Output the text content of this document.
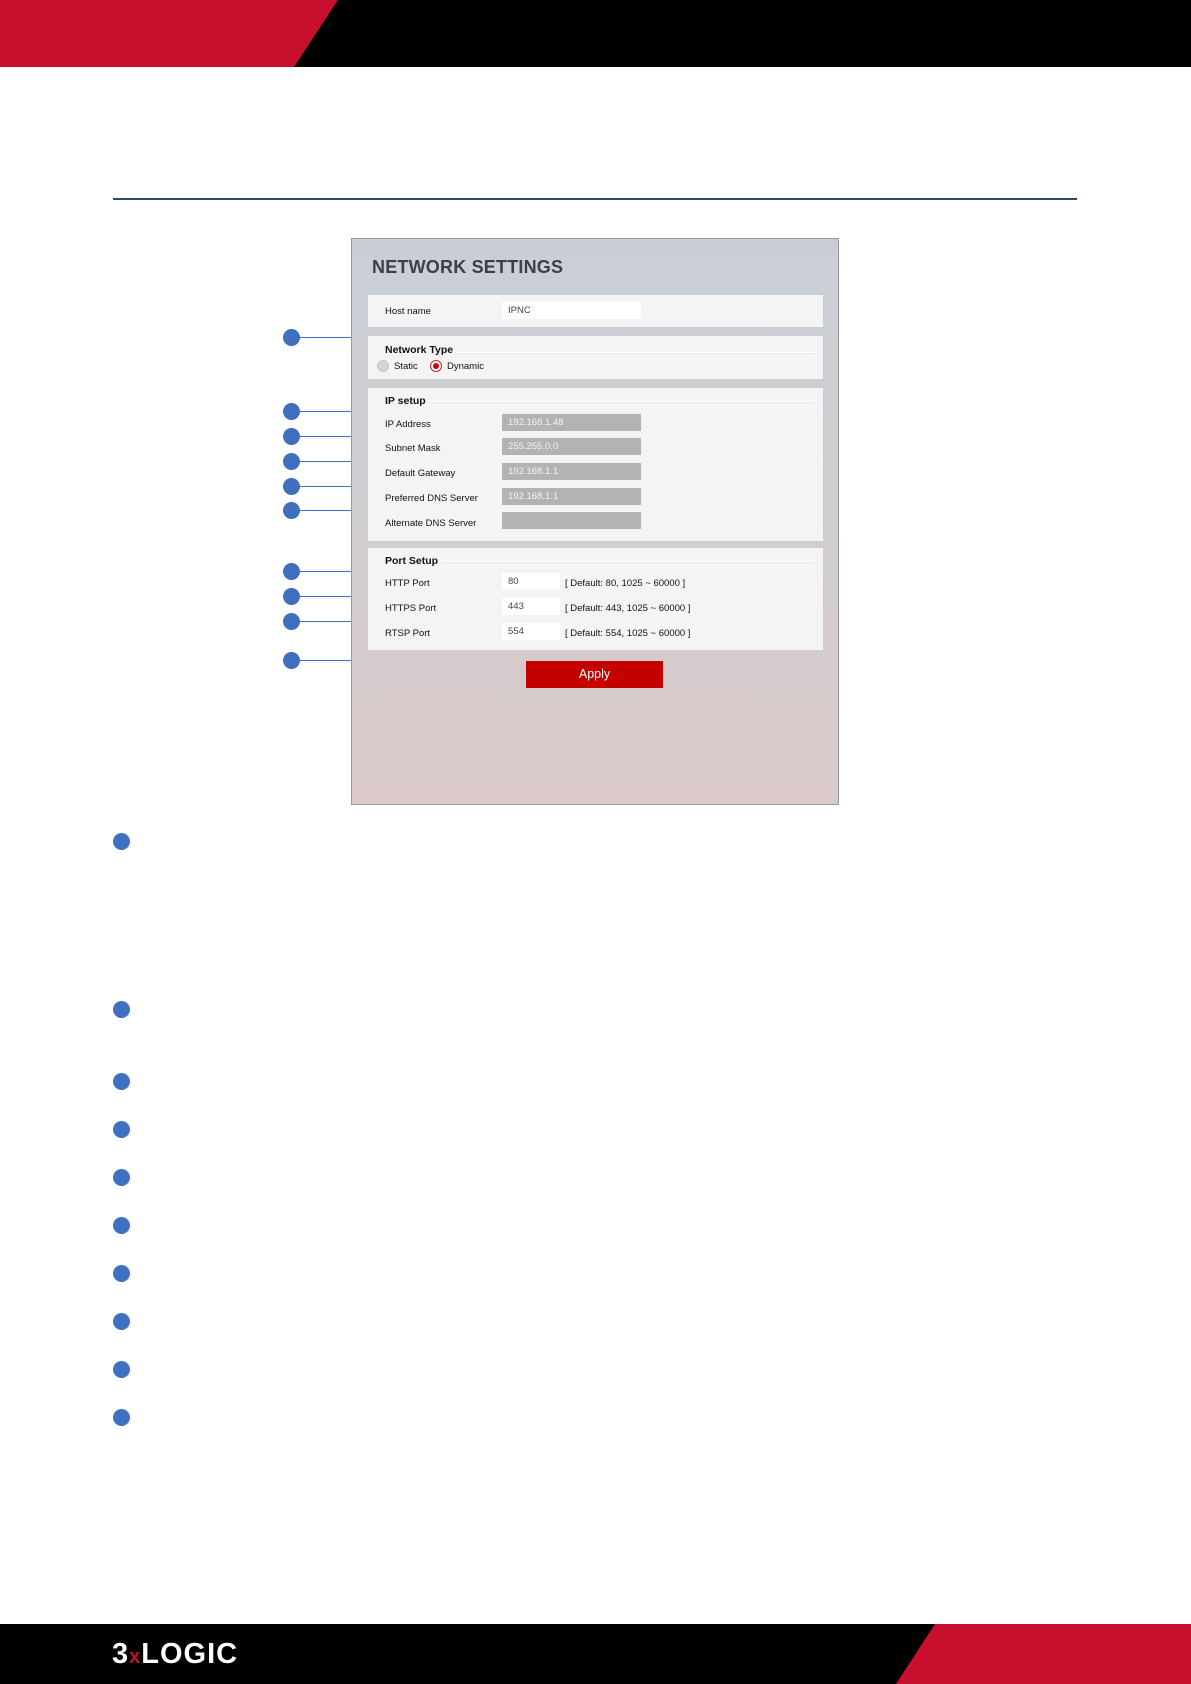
NETWORK SETTINGS
Host name	IPNC
Network Type
Static	Dynamic
IP setup
IP Address	192.168.1.48
Subnet Mask	255.255.0.0
Default Gateway	192.168.1.1
Preferred DNS Server	192.168.1.1
Alternate DNS Server
Port Setup
HTTP Port	80	[ Default: 80, 1025 ~ 60000 ]
HTTPS Port	443	[ Default: 443, 1025 ~ 60000 ]
RTSP Port	554	[ Default: 554, 1025 ~ 60000 ]
Apply
3xLOGIC
